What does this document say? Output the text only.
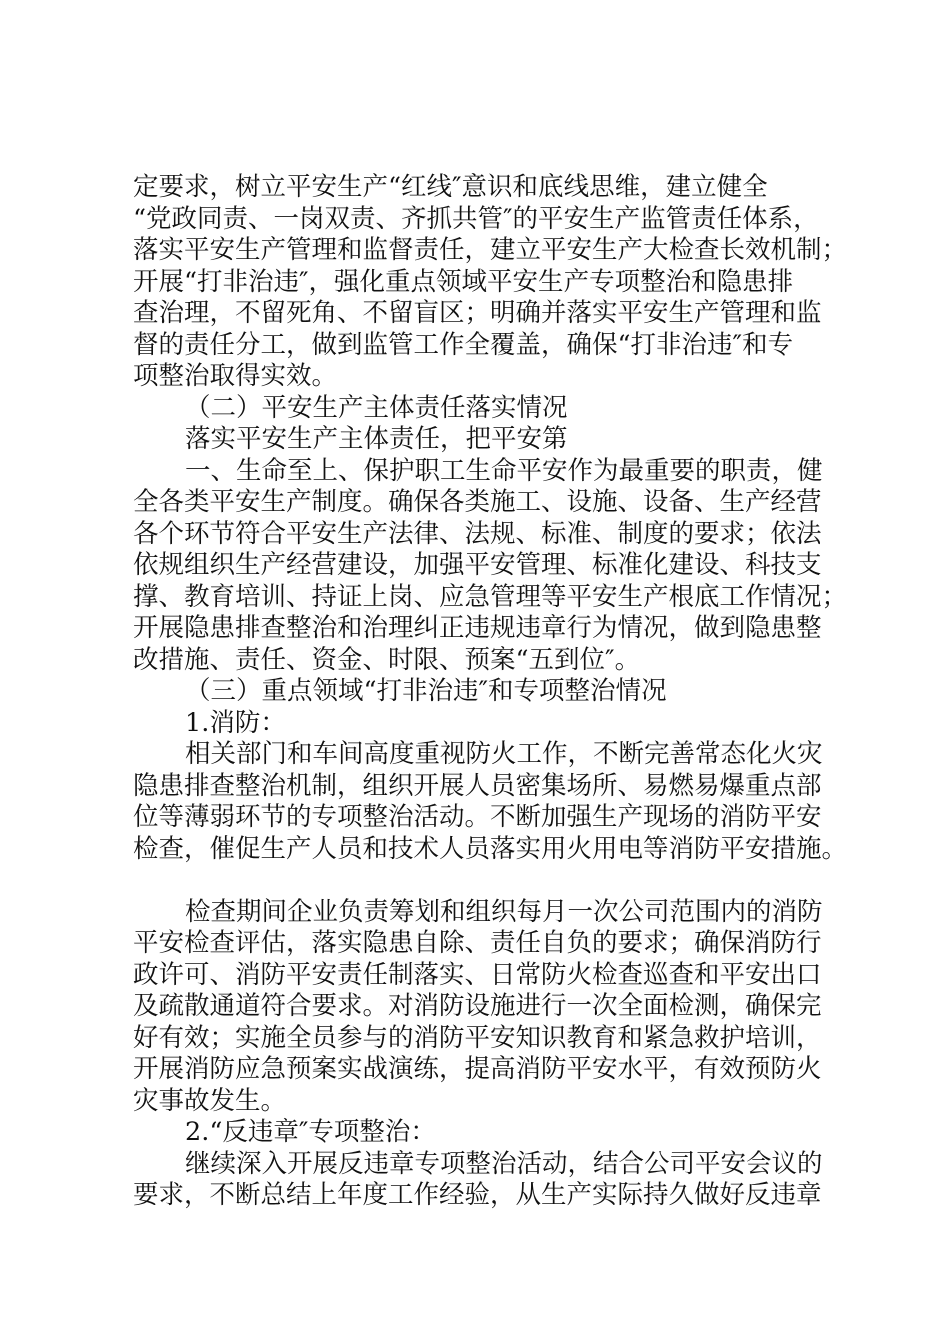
定要求，树立平安生产“红线″意识和底线思维，建立健全
“党政同责、一岗双责、齐抓共管″的平安生产监管责任体系，
落实平安生产管理和监督责任，建立平安生产大检查长效机制；
开展“打非治违″，强化重点领域平安生产专项整治和隐患排
查治理，不留死角、不留盲区；明确并落实平安生产管理和监
督的责任分工，做到监管工作全覆盖，确保“打非治违″和专
项整治取得实效。
（二）平安生产主体责任落实情况
落实平安生产主体责任，把平安第
一、生命至上、保护职工生命平安作为最重要的职责，健
全各类平安生产制度。确保各类施工、设施、设备、生产经营
各个环节符合平安生产法律、法规、标准、制度的要求；依法
依规组织生产经营建设，加强平安管理、标准化建设、科技支
撑、教育培训、持证上岗、应急管理等平安生产根底工作情况；
开展隐患排查整治和治理纠正违规违章行为情况，做到隐患整
改措施、责任、资金、时限、预案“五到位″。
（三）重点领域“打非治违″和专项整治情况
1.消防：
相关部门和车间高度重视防火工作，不断完善常态化火灾
隐患排查整治机制，组织开展人员密集场所、易燃易爆重点部
位等薄弱环节的专项整治活动。不断加强生产现场的消防平安
检查，催促生产人员和技术人员落实用火用电等消防平安措施。
检查期间企业负责筹划和组织每月一次公司范围内的消防
平安检查评估，落实隐患自除、责任自负的要求；确保消防行
政许可、消防平安责任制落实、日常防火检查巡查和平安出口
及疏散通道符合要求。对消防设施进行一次全面检测，确保完
好有效；实施全员参与的消防平安知识教育和紧急救护培训，
开展消防应急预案实战演练，提高消防平安水平，有效预防火
灾事故发生。
2.“反违章″专项整治：
继续深入开展反违章专项整治活动，结合公司平安会议的
要求，不断总结上年度工作经验，从生产实际持久做好反违章
